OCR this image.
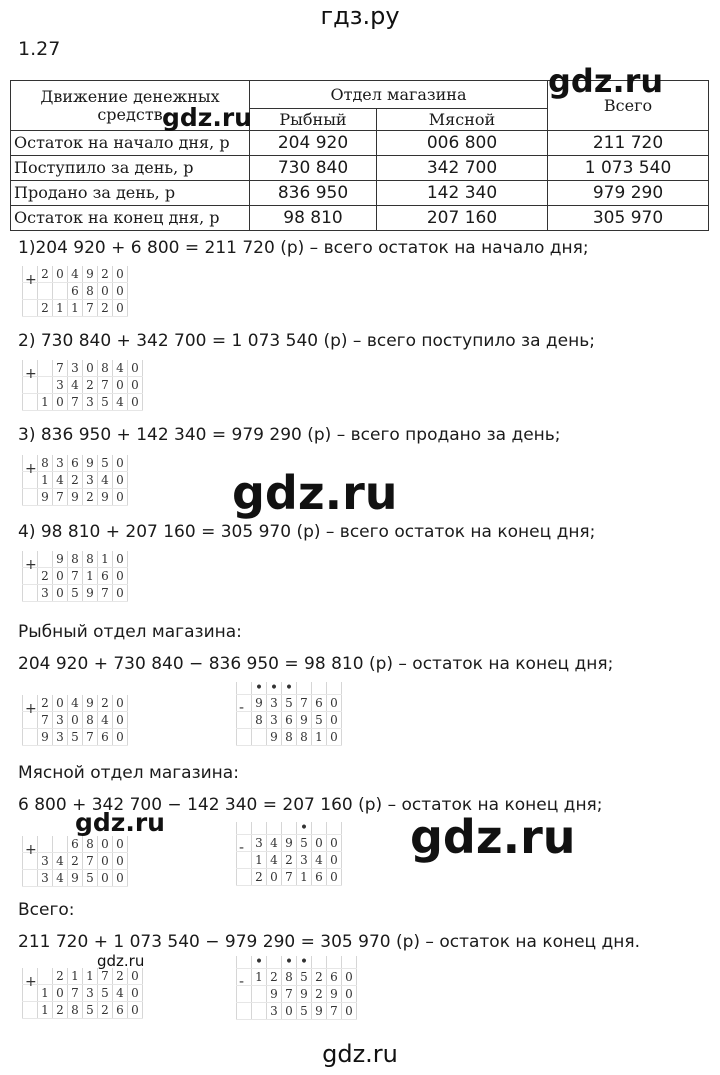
гдз.ру
1.27
Движение денежных средств	Отдел магазина		Всего
	Рыбный	Мясной	
Остаток на начало дня, р	204 920	006 800	211 720
Поступило за день, р	730 840	342 700	1 073 540
Продано за день, р	836 950	142 340	979 290
Остаток на конец дня, р	98 810	207 160	305 970
gdz.ru
gdz.ru
1)204 920 + 6 800 = 211 720 (р) – всего остаток на начало дня;
2) 730 840 + 342 700 = 1 073 540 (р) – всего поступило за день;
3) 836 950 + 142 340 = 979 290 (р) – всего продано за день;
4) 98 810 + 207 160 = 305 970 (р) – всего остаток на конец дня;
Рыбный отдел магазина:
204 920 + 730 840 − 836 950 = 98 810 (р) – остаток на конец дня;
Мясной отдел магазина:
6 800 + 342 700 − 142 340 = 207 160 (р) – остаток на конец дня;
Всего:
211 720 + 1 073 540 − 979 290 = 305 970 (р) – остаток на конец дня.
gdz.ru
gdz.ru	gdz.ru
gdz.ru
	2	0	4	9	2	0
			6	8	0	0
	2	1	1	7	2	0
+
		7	3	0	8	4	0
		3	4	2	7	0	0
	1	0	7	3	5	4	0
+
	8	3	6	9	5	0
	1	4	2	3	4	0
	9	7	9	2	9	0
+
		9	8	8	1	0
	2	0	7	1	6	0
	3	0	5	9	7	0
+
	2	0	4	9	2	0
	7	3	0	8	4	0
	9	3	5	7	6	0
+
	•	•	•			
	9	3	5	7	6	0
	8	3	6	9	5	0
		9	8	8	1	0
-
			6	8	0	0
	3	4	2	7	0	0
	3	4	9	5	0	0
+
				•		
	3	4	9	5	0	0
	1	4	2	3	4	0
	2	0	7	1	6	0
-
		2	1	1	7	2	0
	1	0	7	3	5	4	0
	1	2	8	5	2	6	0
+
	•		•	•			
	1	2	8	5	2	6	0
		9	7	9	2	9	0
		3	0	5	9	7	0
-
gdz.ru
